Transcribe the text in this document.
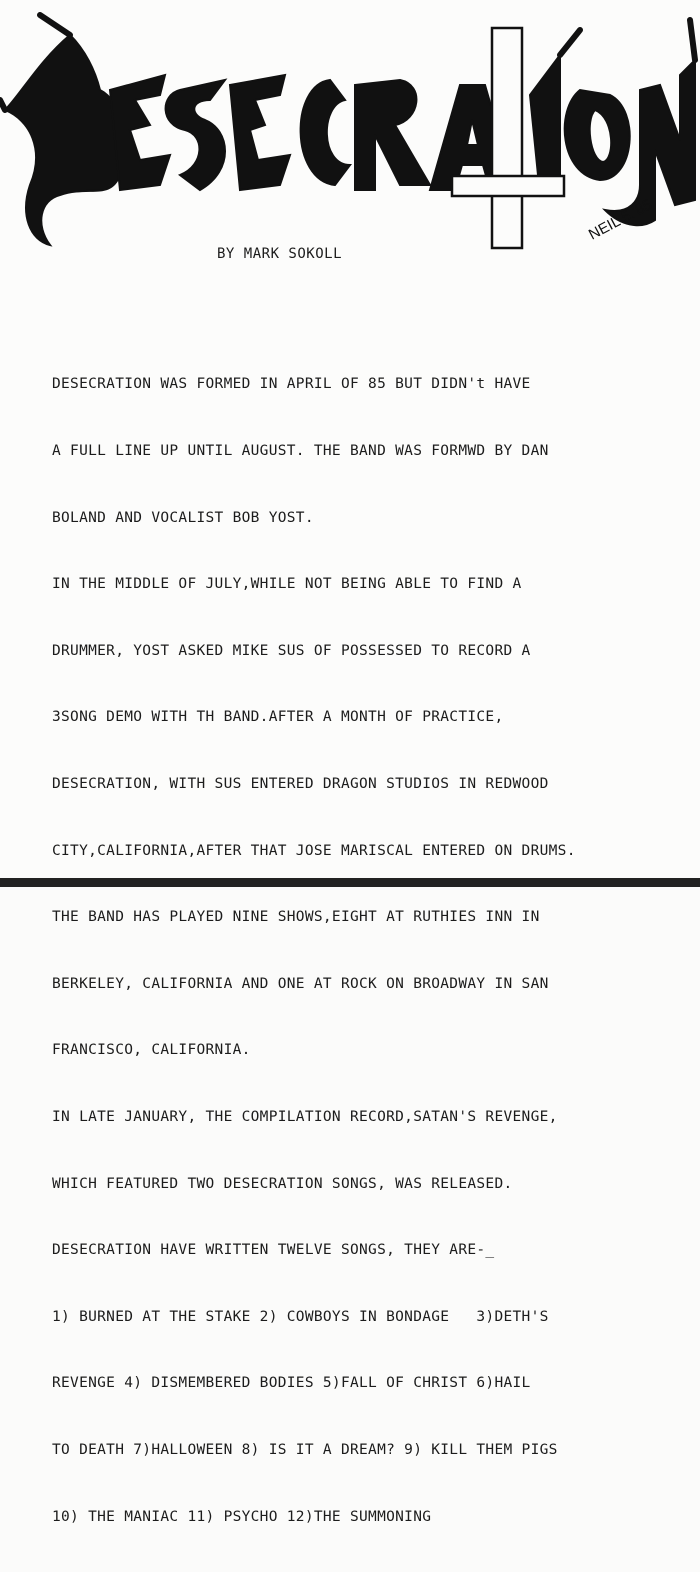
NEIL 5.'85
BY MARK SOKOLL

DESECRATION WAS FORMED IN APRIL OF 85 BUT DIDN't HAVE

A FULL LINE UP UNTIL AUGUST. THE BAND WAS FORMWD BY DAN

BOLAND AND VOCALIST BOB YOST.

IN THE MIDDLE OF JULY,WHILE NOT BEING ABLE TO FIND A

DRUMMER, YOST ASKED MIKE SUS OF POSSESSED TO RECORD A

3SONG DEMO WITH TH BAND.AFTER A MONTH OF PRACTICE,

DESECRATION, WITH SUS ENTERED DRAGON STUDIOS IN REDWOOD

CITY,CALIFORNIA,AFTER THAT JOSE MARISCAL ENTERED ON DRUMS.

THE BAND HAS PLAYED NINE SHOWS,EIGHT AT RUTHIES INN IN

BERKELEY, CALIFORNIA AND ONE AT ROCK ON BROADWAY IN SAN

FRANCISCO, CALIFORNIA.

IN LATE JANUARY, THE COMPILATION RECORD,SATAN'S REVENGE,

WHICH FEATURED TWO DESECRATION SONGS, WAS RELEASED.

DESECRATION HAVE WRITTEN TWELVE SONGS, THEY ARE-_

1) BURNED AT THE STAKE 2) COWBOYS IN BONDAGE   3)DETH'S

REVENGE 4) DISMEMBERED BODIES 5)FALL OF CHRIST 6)HAIL

TO DEATH 7)HALLOWEEN 8) IS IT A DREAM? 9) KILL THEM PIGS

10) THE MANIAC 11) PSYCHO 12)THE SUMMONING
